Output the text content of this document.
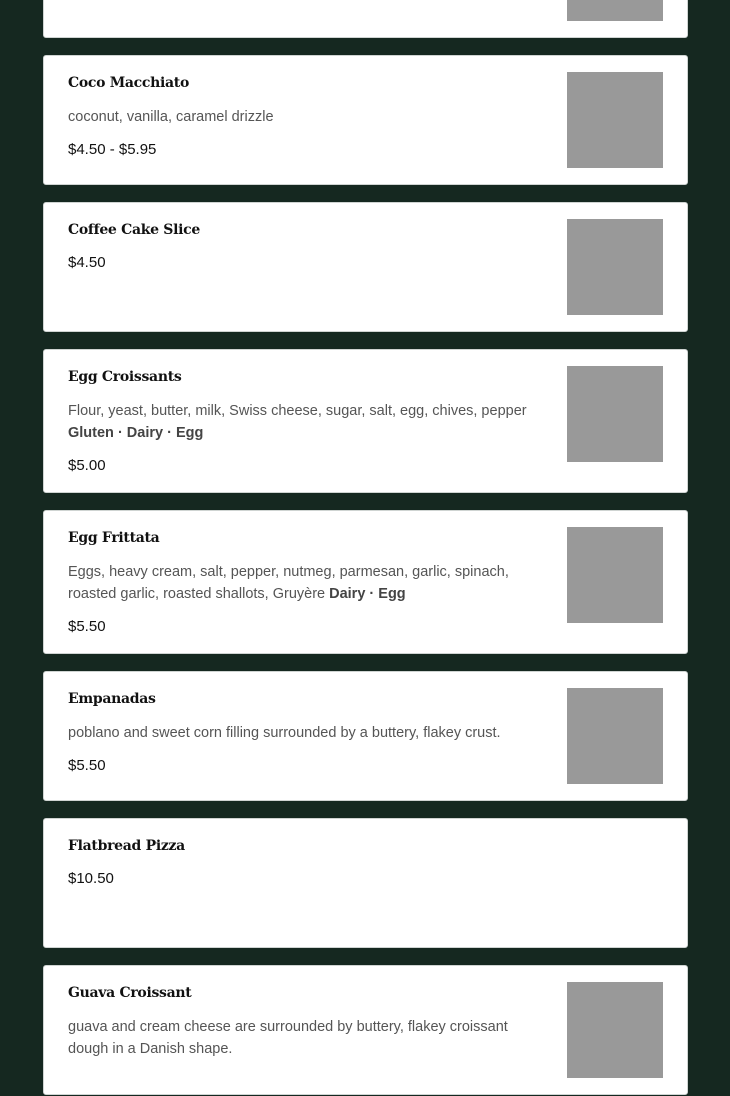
Coco Macchiato
coconut, vanilla, caramel drizzle
$4.50 - $5.95
Coffee Cake Slice
$4.50
Egg Croissants
Flour, yeast, butter, milk, Swiss cheese, sugar, salt, egg, chives, pepper Gluten · Dairy · Egg
$5.00
Egg Frittata
Eggs, heavy cream, salt, pepper, nutmeg, parmesan, garlic, spinach, roasted garlic, roasted shallots, Gruyère Dairy · Egg
$5.50
Empanadas
poblano and sweet corn filling surrounded by a buttery, flakey crust.
$5.50
Flatbread Pizza
$10.50
Guava Croissant
guava and cream cheese are surrounded by buttery, flakey croissant dough in a Danish shape.
